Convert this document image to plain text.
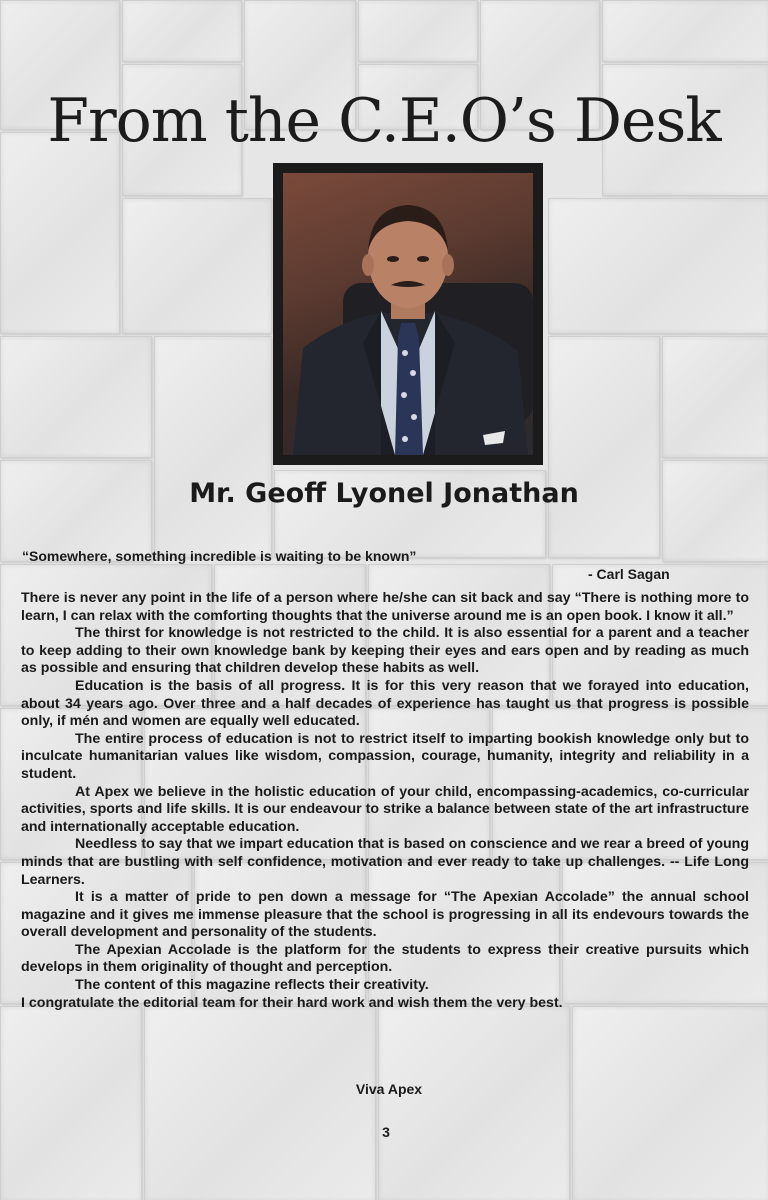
From the C.E.O’s Desk
Mr. Geoff Lyonel Jonathan

“Somewhere, something incredible is waiting to be known”

- Carl Sagan

There is never any point in the life of a person where he/she can sit back and say “There is nothing more to learn, I can relax with the comforting thoughts that the universe around me is an open book. I know it all.”

The thirst for knowledge is not restricted to the child. It is also essential for a parent and a teacher to keep adding to their own knowledge bank by keeping their eyes and ears open and by reading as much as possible and ensuring that children develop these habits as well.

Education is the basis of all progress. It is for this very reason that we forayed into education, about 34 years ago. Over three and a half decades of experience has taught us that progress is possible only, if mén and women are equally well educated.

The entire process of education is not to restrict itself to imparting bookish knowledge only but to inculcate humanitarian values like wisdom, compassion, courage, humanity, integrity and reliability in a student.

At Apex we believe in the holistic education of your child, encompassing-academics, co-curricular activities, sports and life skills. It is our endeavour to strike a balance between state of the art infrastructure and internationally acceptable education.

Needless to say that we impart education that is based on conscience and we rear a breed of young minds that are bustling with self confidence, motivation and ever ready to take up challenges. -- Life Long Learners.

It is a matter of pride to pen down a message for “The Apexian Accolade” the annual school magazine and it gives me immense pleasure that the school is progressing in all its endevours towards the overall development and personality of the students.

The Apexian Accolade is the platform for the students to express their creative pursuits which develops in them originality of thought and perception.

The content of this magazine reflects their creativity.

I congratulate the editorial team for their hard work and wish them the very best.

Viva Apex

3
